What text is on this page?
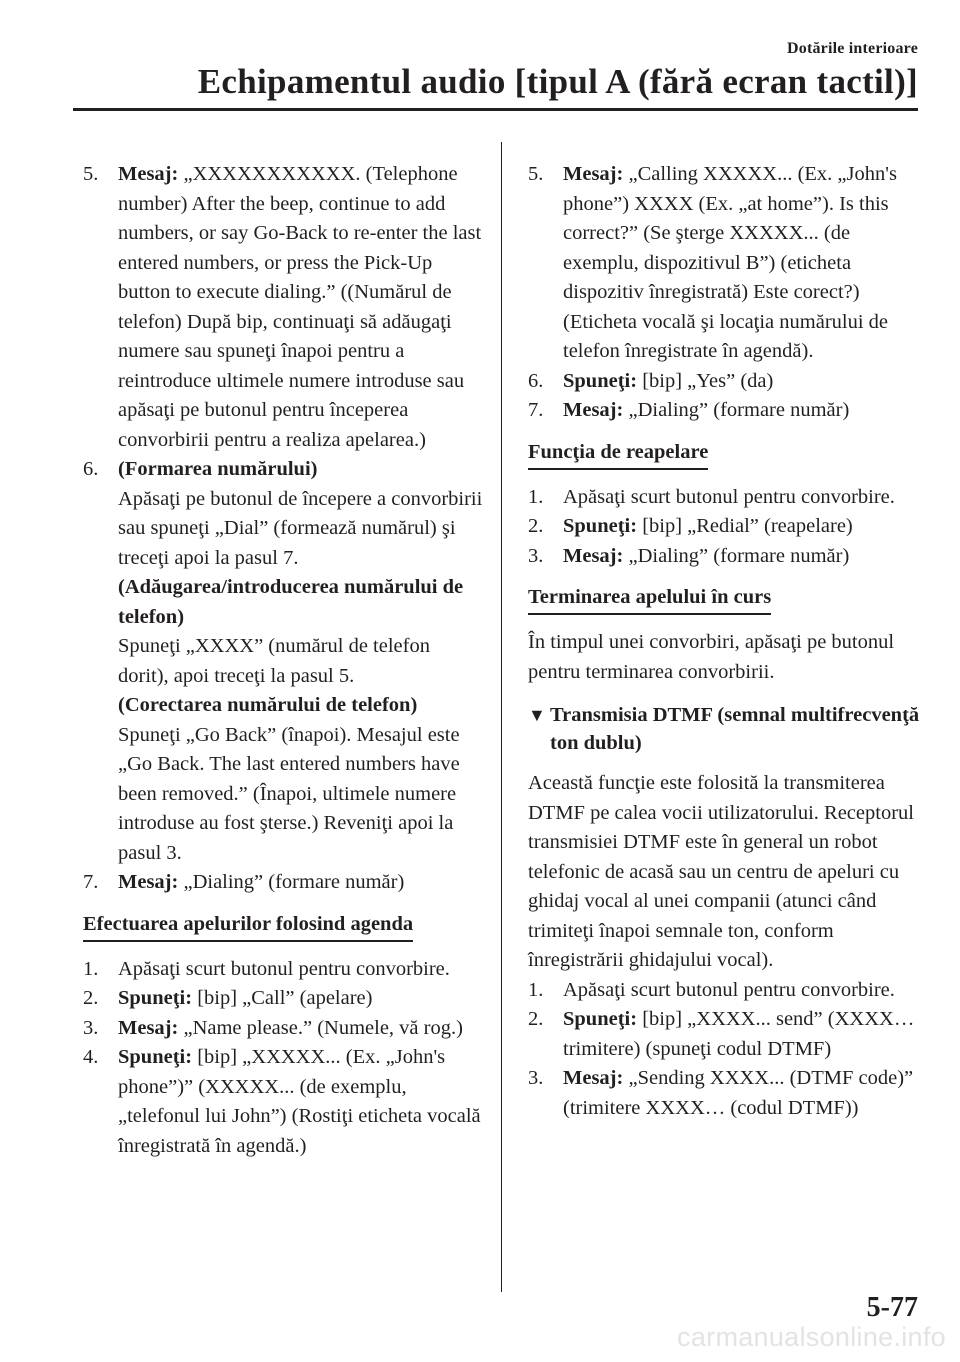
Dotările interioare
Echipamentul audio [tipul A (fără ecran tactil)]
5. Mesaj: „XXXXXXXXXXX. (Telephone number) After the beep, continue to add numbers, or say Go-Back to re-enter the last entered numbers, or press the Pick-Up button to execute dialing.” ((Numărul de telefon) După bip, continuaţi să adăugaţi numere sau spuneţi înapoi pentru a reintroduce ultimele numere introduse sau apăsaţi pe butonul pentru începerea convorbirii pentru a realiza apelarea.)
6. (Formarea numărului)
Apăsaţi pe butonul de începere a convorbirii sau spuneţi „Dial” (formează numărul) şi treceţi apoi la pasul 7.
(Adăugarea/introducerea numărului de telefon)
Spuneţi „XXXX” (numărul de telefon dorit), apoi treceţi la pasul 5.
(Corectarea numărului de telefon)
Spuneţi „Go Back” (înapoi). Mesajul este „Go Back. The last entered numbers have been removed.” (Înapoi, ultimele numere introduse au fost şterse.) Reveniţi apoi la pasul 3.
7. Mesaj: „Dialing” (formare număr)
Efectuarea apelurilor folosind agenda
1. Apăsaţi scurt butonul pentru convorbire.
2. Spuneţi: [bip] „Call” (apelare)
3. Mesaj: „Name please.” (Numele, vă rog.)
4. Spuneţi: [bip] „XXXXX... (Ex. „John's phone”)” (XXXXX... (de exemplu, „telefonul lui John”) (Rostiţi eticheta vocală înregistrată în agendă.)
5. Mesaj: „Calling XXXXX... (Ex. „John's phone”) XXXX (Ex. „at home”). Is this correct?” (Se şterge XXXXX... (de exemplu, dispozitivul B”) (eticheta dispozitiv înregistrată) Este corect?) (Eticheta vocală şi locaţia numărului de telefon înregistrate în agendă).
6. Spuneţi: [bip] „Yes” (da)
7. Mesaj: „Dialing” (formare număr)
Funcţia de reapelare
1. Apăsaţi scurt butonul pentru convorbire.
2. Spuneţi: [bip] „Redial” (reapelare)
3. Mesaj: „Dialing” (formare număr)
Terminarea apelului în curs

În timpul unei convorbiri, apăsaţi pe butonul pentru terminarea convorbirii.

▼ Transmisia DTMF (semnal multifrecvenţă ton dublu)

Această funcţie este folosită la transmiterea DTMF pe calea vocii utilizatorului. Receptorul transmisiei DTMF este în general un robot telefonic de acasă sau un centru de apeluri cu ghidaj vocal al unei companii (atunci când trimiteţi înapoi semnale ton, conform înregistrării ghidajului vocal).

1. Apăsaţi scurt butonul pentru convorbire.
2. Spuneţi: [bip] „XXXX... send” (XXXX… trimitere) (spuneţi codul DTMF)
3. Mesaj: „Sending XXXX... (DTMF code)” (trimitere XXXX… (codul DTMF))
5-77
carmanualsonline.info
